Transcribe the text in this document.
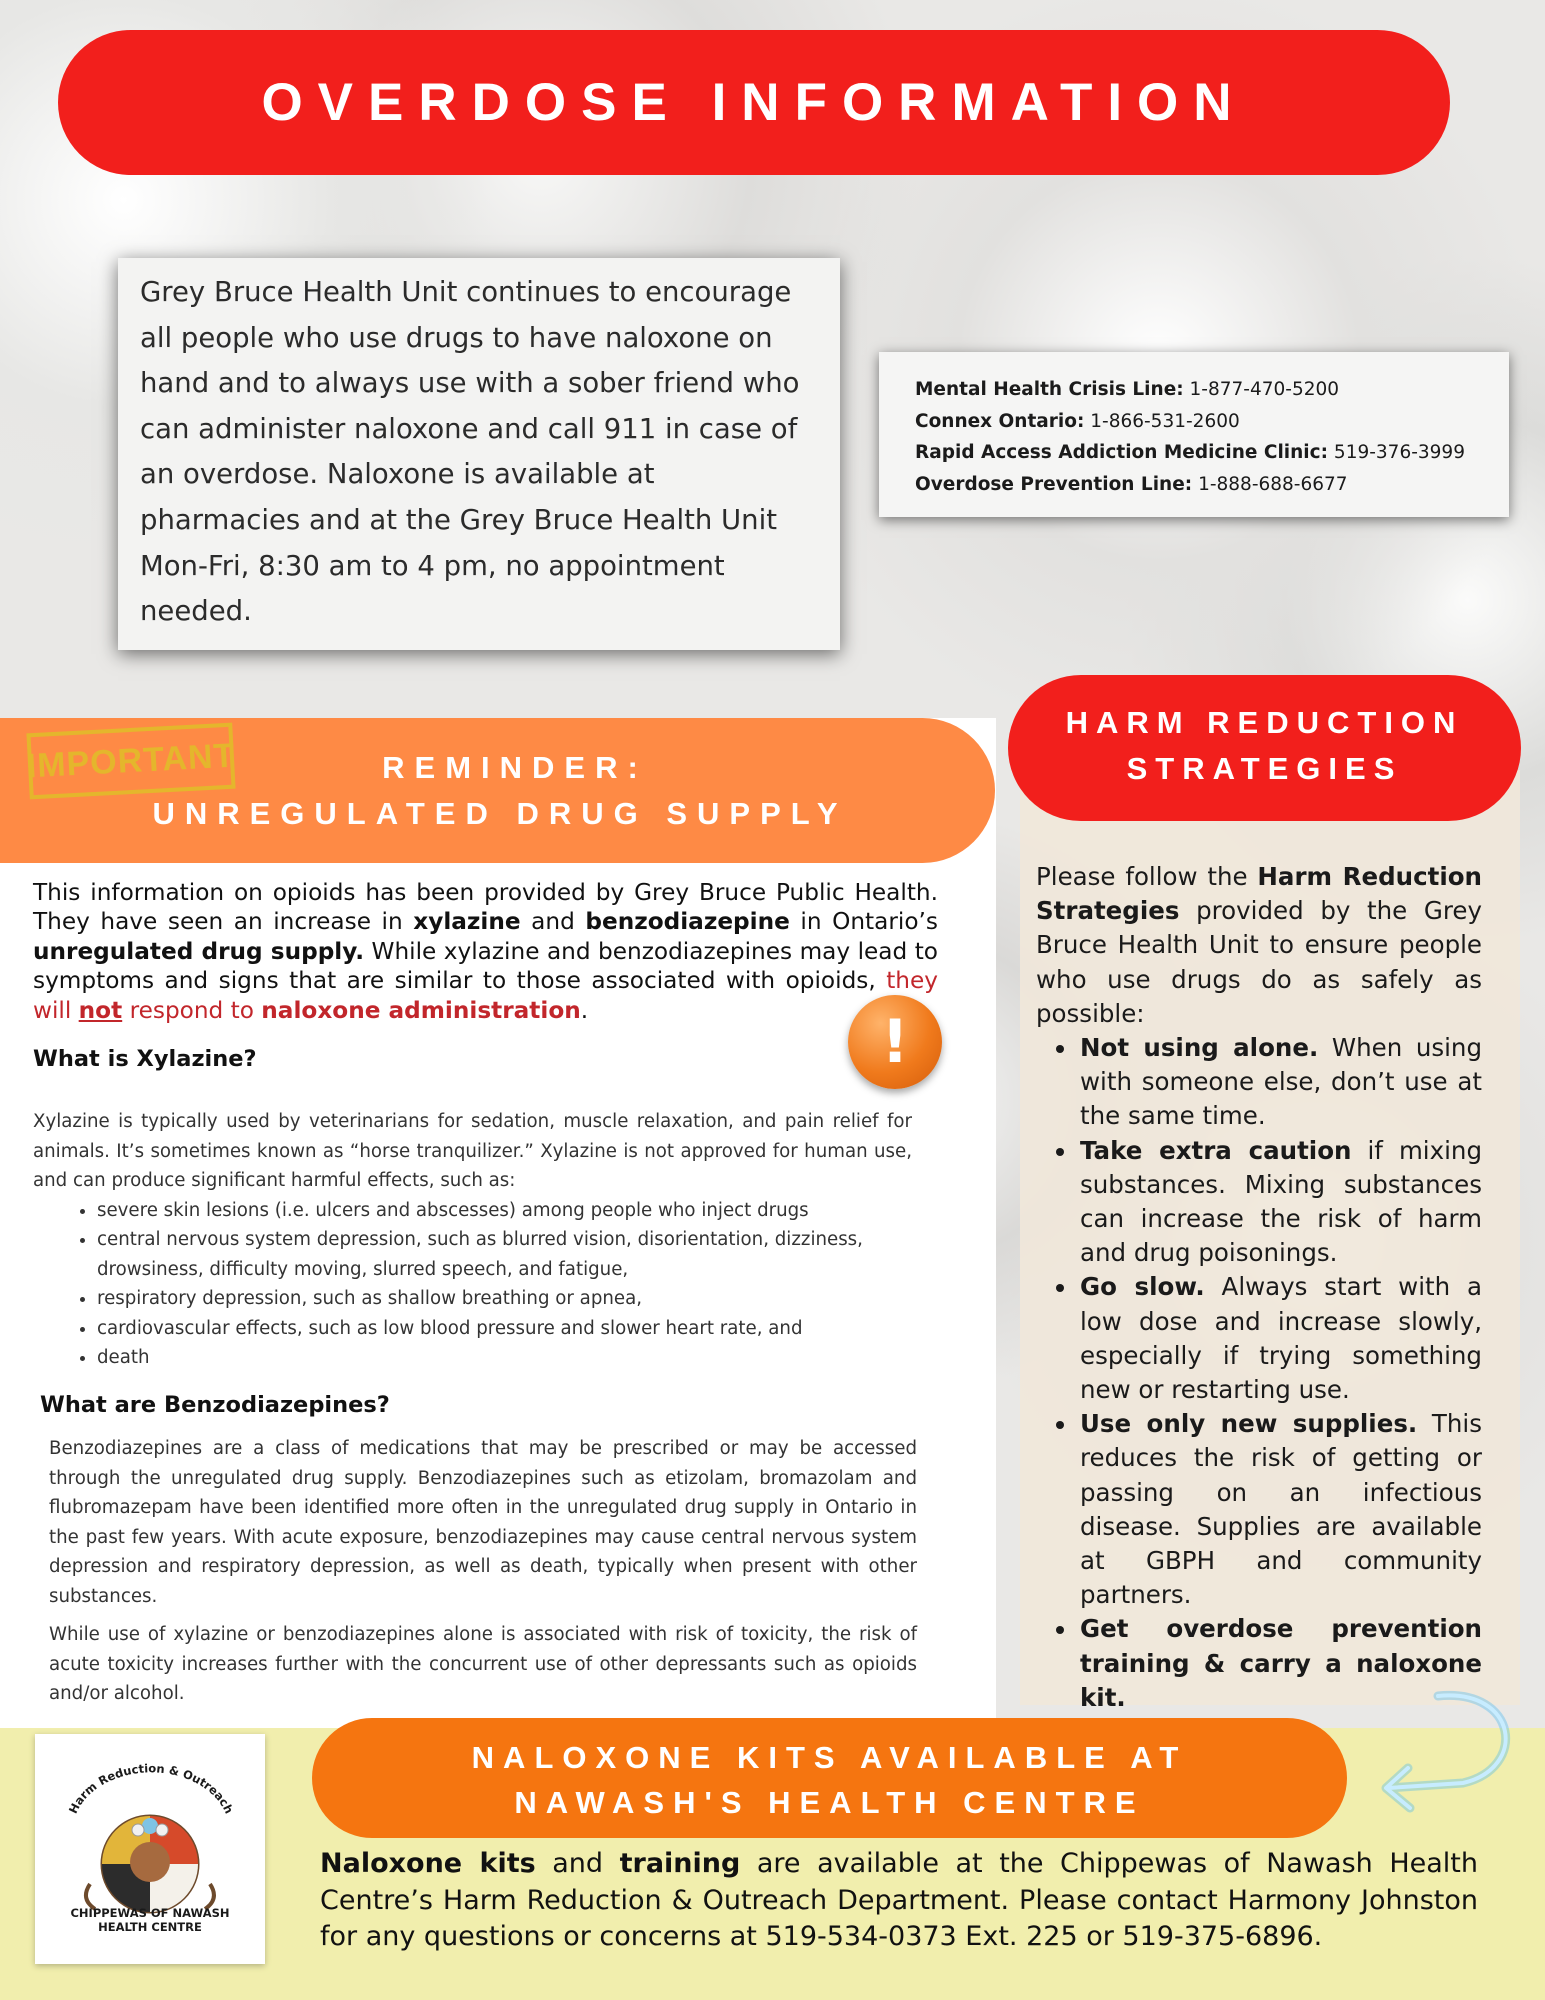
OVERDOSE INFORMATION

Grey Bruce Health Unit continues to encourage all people who use drugs to have naloxone on hand and to always use with a sober friend who can administer naloxone and call 911 in case of an overdose. Naloxone is available at pharmacies and at the Grey Bruce Health Unit Mon-Fri, 8:30 am to 4 pm, no appointment needed.

Mental Health Crisis Line: 1-877-470-5200
Connex Ontario: 1-866-531-2600
Rapid Access Addiction Medicine Clinic: 519-376-3999
Overdose Prevention Line: 1-888-688-6677
REMINDER:
UNREGULATED DRUG SUPPLY
IMPORTANT
This information on opioids has been provided by Grey Bruce Public Health. They have seen an increase in xylazine and benzodiazepine in Ontario’s unregulated drug supply. While xylazine and benzodiazepines may lead to symptoms and signs that are similar to those associated with opioids, they will not respond to naloxone administration.	!
What is Xylazine?

Xylazine is typically used by veterinarians for sedation, muscle relaxation, and pain relief for animals. It’s sometimes known as “horse tranquilizer.” Xylazine is not approved for human use, and can produce significant harmful effects, such as:

• severe skin lesions (i.e. ulcers and abscesses) among people who inject drugs
• central nervous system depression, such as blurred vision, disorientation, dizziness, drowsiness, difficulty moving, slurred speech, and fatigue,
• respiratory depression, such as shallow breathing or apnea,
• cardiovascular effects, such as low blood pressure and slower heart rate, and
• death
What are Benzodiazepines?

Benzodiazepines are a class of medications that may be prescribed or may be accessed through the unregulated drug supply. Benzodiazepines such as etizolam, bromazolam and flubromazepam have been identified more often in the unregulated drug supply in Ontario in the past few years. With acute exposure, benzodiazepines may cause central nervous system depression and respiratory depression, as well as death, typically when present with other substances.

While use of xylazine or benzodiazepines alone is associated with risk of toxicity, the risk of acute toxicity increases further with the concurrent use of other depressants such as opioids and/or alcohol.

HARM REDUCTION
STRATEGIES

Please follow the Harm Reduction Strategies provided by the Grey Bruce Health Unit to ensure people who use drugs do as safely as possible:

• Not using alone. When using with someone else, don’t use at the same time.
• Take extra caution if mixing substances. Mixing substances can increase the risk of harm and drug poisonings.
• Go slow. Always start with a low dose and increase slowly, especially if trying something new or restarting use.
• Use only new supplies. This reduces the risk of getting or passing on an infectious disease. Supplies are available at GBPH and community partners.
• Get overdose prevention training & carry a naloxone kit.
Harm Reduction & Outreach
CHIPPEWAS OF NAWASH
HEALTH CENTRE
NALOXONE KITS AVAILABLE AT
NAWASH'S HEALTH CENTRE
Naloxone kits and training are available at the Chippewas of Nawash Health Centre’s Harm Reduction & Outreach Department. Please contact Harmony Johnston for any questions or concerns at 519-534-0373 Ext. 225 or 519-375-6896.
